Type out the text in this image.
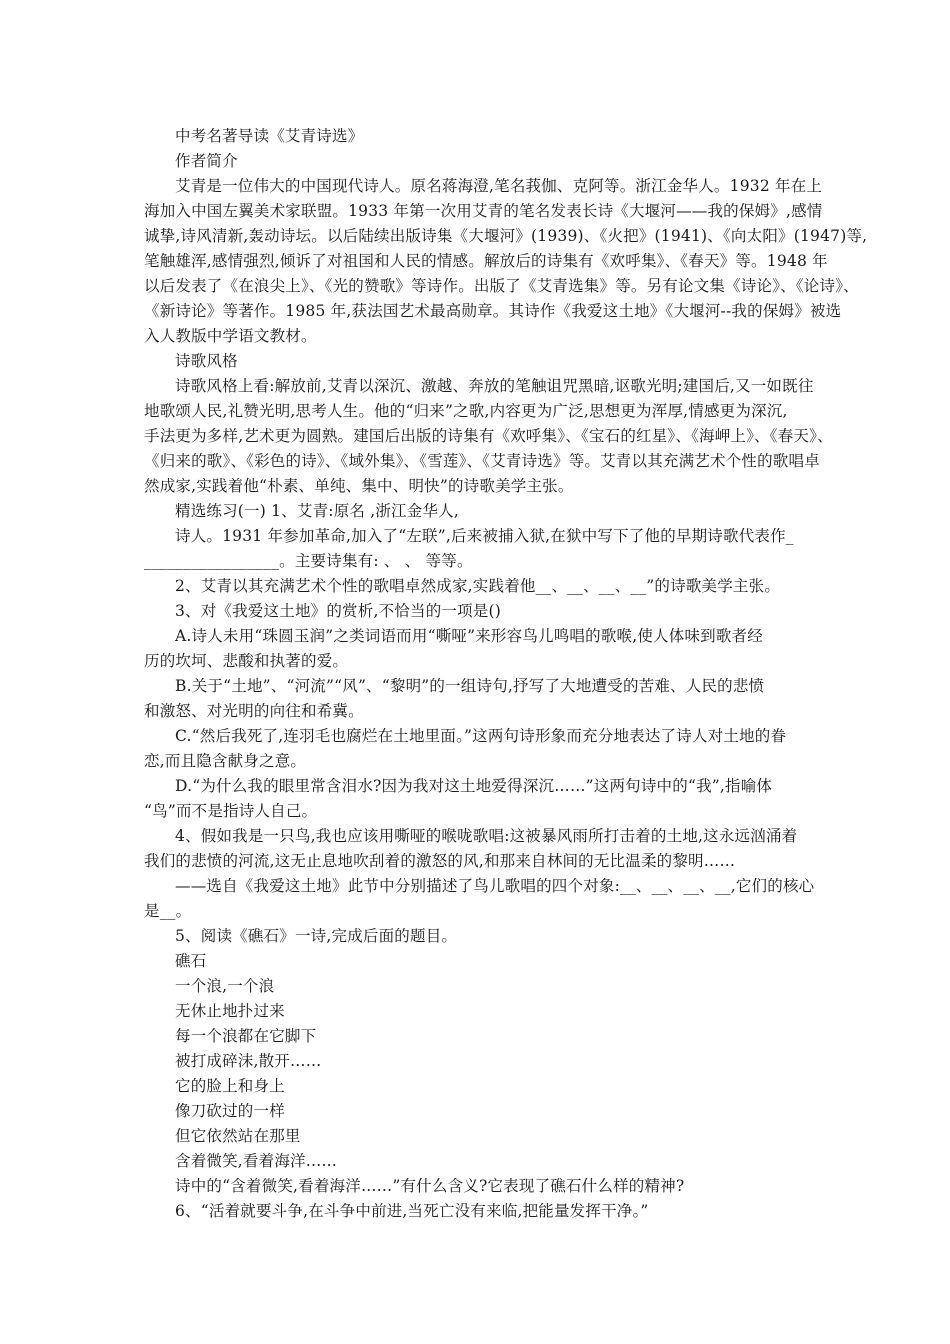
中考名著导读《艾青诗选》
作者简介
艾青是一位伟大的中国现代诗人。原名蒋海澄,笔名莪伽、克阿等。浙江金华人。1932 年在上
海加入中国左翼美术家联盟。1933 年第一次用艾青的笔名发表长诗《大堰河——我的保姆》,感情
诚挚,诗风清新,轰动诗坛。以后陆续出版诗集《大堰河》(1939)、《火把》(1941)、《向太阳》(1947)等,
笔触雄浑,感情强烈,倾诉了对祖国和人民的情感。解放后的诗集有《欢呼集》、《春天》等。1948 年
以后发表了《在浪尖上》、《光的赞歌》等诗作。出版了《艾青选集》等。另有论文集《诗论》、《论诗》、
《新诗论》等著作。1985 年,获法国艺术最高勋章。其诗作《我爱这土地》《大堰河--我的保姆》被选
入人教版中学语文教材。
诗歌风格
诗歌风格上看:解放前,艾青以深沉、激越、奔放的笔触诅咒黑暗,讴歌光明;建国后,又一如既往
地歌颂人民,礼赞光明,思考人生。他的“归来”之歌,内容更为广泛,思想更为浑厚,情感更为深沉,
手法更为多样,艺术更为圆熟。建国后出版的诗集有《欢呼集》、《宝石的红星》、《海岬上》、《春天》、
《归来的歌》、《彩色的诗》、《域外集》、《雪莲》、《艾青诗选》等。艾青以其充满艺术个性的歌唱卓
然成家,实践着他“朴素、单纯、集中、明快”的诗歌美学主张。
精选练习(一) 1、艾青:原名 ,浙江金华人,
诗人。1931 年参加革命,加入了“左联”,后来被捕入狱,在狱中写下了他的早期诗歌代表作_
_________________。主要诗集有: 、 、 等等。
2、艾青以其充满艺术个性的歌唱卓然成家,实践着他__、__、__、__”的诗歌美学主张。
3、对《我爱这土地》的赏析,不恰当的一项是()
A.诗人未用“珠圆玉润”之类词语而用“嘶哑”来形容鸟儿鸣唱的歌喉,使人体味到歌者经
历的坎坷、悲酸和执著的爱。
B.关于“土地”、“河流”“风”、“黎明”的一组诗句,抒写了大地遭受的苦难、人民的悲愤
和激怒、对光明的向往和希冀。
C.“然后我死了,连羽毛也腐烂在土地里面。”这两句诗形象而充分地表达了诗人对土地的眷
恋,而且隐含献身之意。
D.“为什么我的眼里常含泪水?因为我对这土地爱得深沉……”这两句诗中的“我”,指喻体
“鸟”而不是指诗人自己。
4、假如我是一只鸟,我也应该用嘶哑的喉咙歌唱:这被暴风雨所打击着的土地,这永远汹涌着
我们的悲愤的河流,这无止息地吹刮着的激怒的风,和那来自林间的无比温柔的黎明……
——选自《我爱这土地》此节中分别描述了鸟儿歌唱的四个对象:__、__、__、__,它们的核心
是__。
5、阅读《礁石》一诗,完成后面的题目。
礁石
一个浪,一个浪
无休止地扑过来
每一个浪都在它脚下
被打成碎沫,散开……
它的脸上和身上
像刀砍过的一样
但它依然站在那里
含着微笑,看着海洋……
诗中的“含着微笑,看着海洋……”有什么含义?它表现了礁石什么样的精神?
6、“活着就要斗争,在斗争中前进,当死亡没有来临,把能量发挥干净。”
